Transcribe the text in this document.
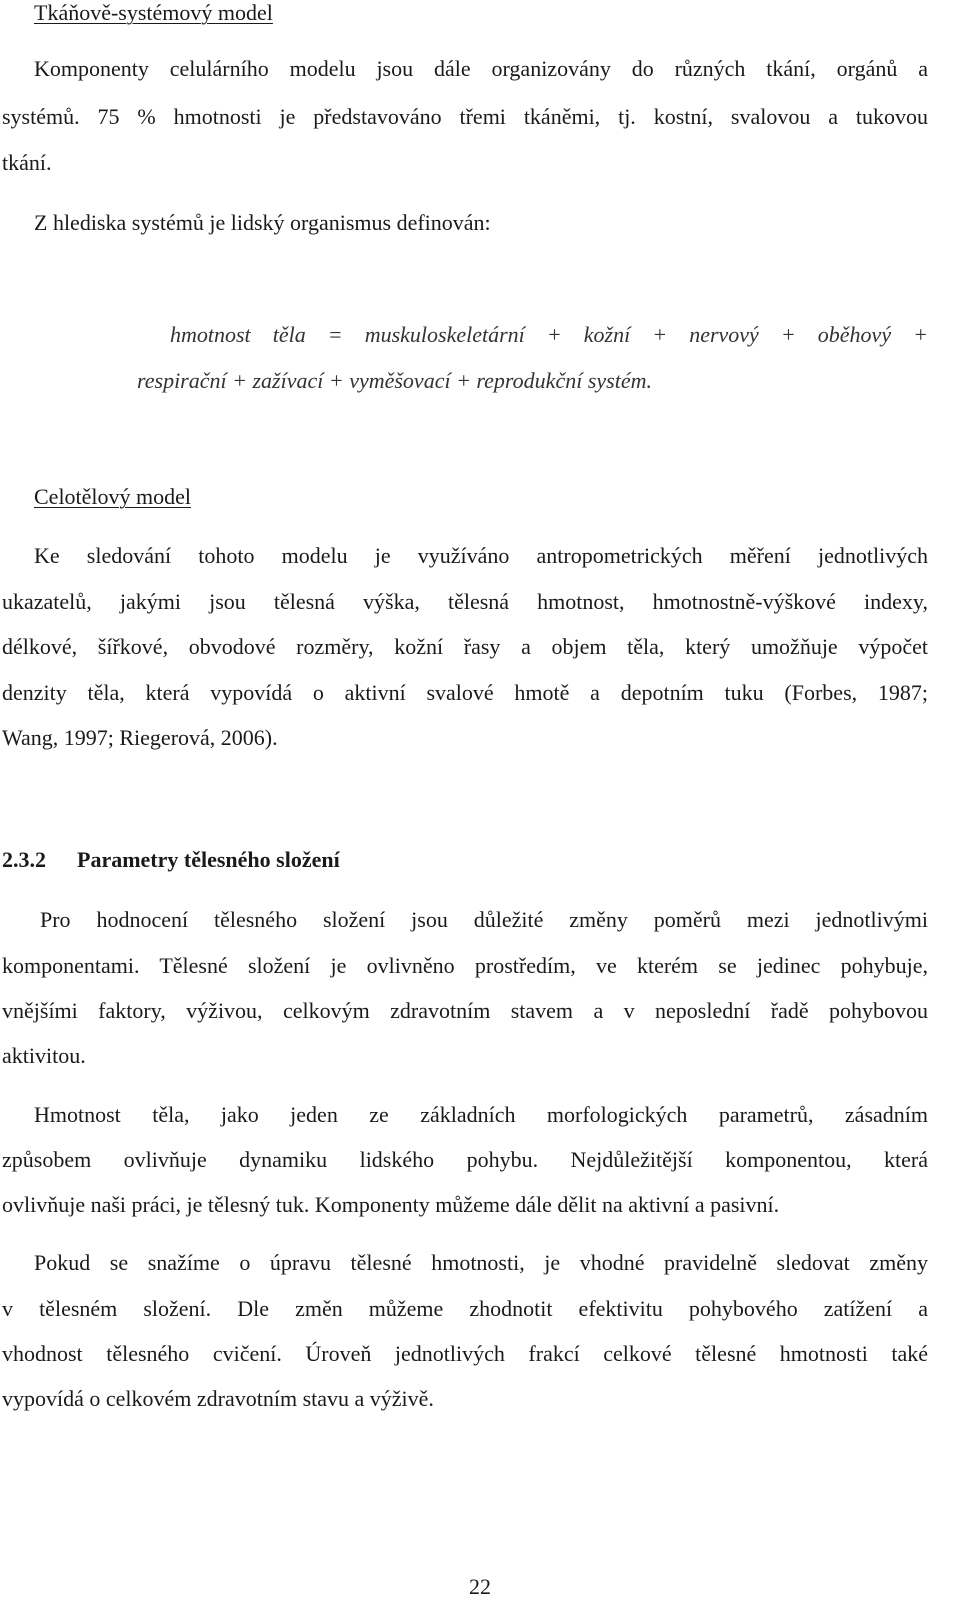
Tkáňově-systémový model
Komponenty celulárního modelu jsou dále organizovány do různých tkání, orgánů a
systémů. 75 % hmotnosti je představováno třemi tkáněmi, tj. kostní, svalovou a tukovou
tkání.
Z hlediska systémů je lidský organismus definován:
hmotnost těla = muskuloskeletární + kožní + nervový + oběhový +
respirační + zažívací + vyměšovací + reprodukční systém.
Celotělový model
Ke sledování tohoto modelu je využíváno antropometrických měření jednotlivých
ukazatelů, jakými jsou tělesná výška, tělesná hmotnost, hmotnostně-výškové indexy,
délkové, šířkové, obvodové rozměry, kožní řasy a objem těla, který umožňuje výpočet
denzity těla, která vypovídá o aktivní svalové hmotě a depotním tuku (Forbes, 1987;
Wang, 1997; Riegerová, 2006).
2.3.2 Parametry tělesného složení
Pro hodnocení tělesného složení jsou důležité změny poměrů mezi jednotlivými
komponentami. Tělesné složení je ovlivněno prostředím, ve kterém se jedinec pohybuje,
vnějšími faktory, výživou, celkovým zdravotním stavem a v neposlední řadě pohybovou
aktivitou.
Hmotnost těla, jako jeden ze základních morfologických parametrů, zásadním
způsobem ovlivňuje dynamiku lidského pohybu. Nejdůležitější komponentou, která
ovlivňuje naši práci, je tělesný tuk. Komponenty můžeme dále dělit na aktivní a pasivní.
Pokud se snažíme o úpravu tělesné hmotnosti, je vhodné pravidelně sledovat změny
v tělesném složení. Dle změn můžeme zhodnotit efektivitu pohybového zatížení a
vhodnost tělesného cvičení. Úroveň jednotlivých frakcí celkové tělesné hmotnosti také
vypovídá o celkovém zdravotním stavu a výživě.
22
